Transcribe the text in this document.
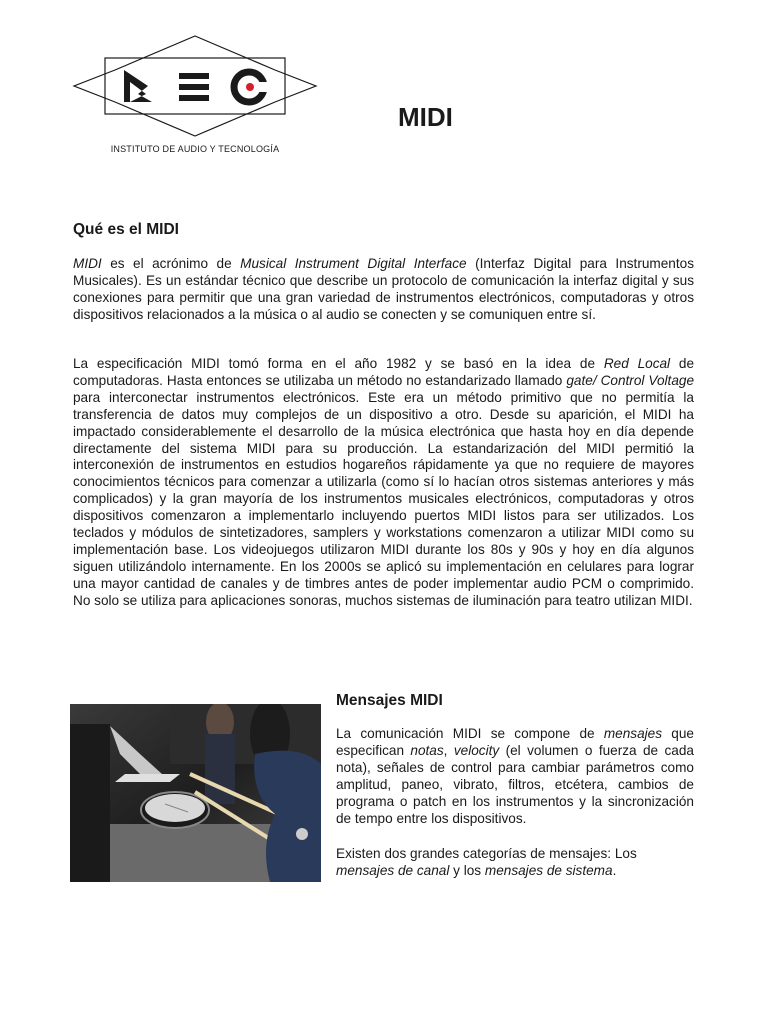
INSTITUTO DE AUDIO Y TECNOLOGÍA
MIDI
Qué es el MIDI

MIDI es el acrónimo de Musical Instrument Digital Interface (Interfaz Digital para Instrumentos Musicales). Es un estándar técnico que describe un protocolo de comunicación la interfaz digital y sus conexiones para permitir que una gran variedad de instrumentos electrónicos, computadoras y otros dispositivos relacionados a la música o al audio se conecten y se comuniquen entre sí.

La especificación MIDI tomó forma en el año 1982 y se basó en la idea de Red Local de computadoras. Hasta entonces se utilizaba un método no estandarizado llamado gate/ Control Voltage para interconectar instrumentos electrónicos. Este era un método primitivo que no permitía la transferencia de datos muy complejos de un dispositivo a otro. Desde su aparición, el MIDI ha impactado considerablemente el desarrollo de la música electrónica que hasta hoy en día depende directamente del sistema MIDI para su producción. La estandarización del MIDI permitió la interconexión de instrumentos en estudios hogareños rápidamente ya que no requiere de mayores conocimientos técnicos para comenzar a utilizarla (como sí lo hacían otros sistemas anteriores y más complicados) y la gran mayoría de los instrumentos musicales electrónicos, computadoras y otros dispositivos comenzaron a implementarlo incluyendo puertos MIDI listos para ser utilizados. Los teclados y módulos de sintetizadores, samplers y workstations comenzaron a utilizar MIDI como su implementación base. Los videojuegos utilizaron MIDI durante los 80s y 90s y hoy en día algunos siguen utilizándolo internamente. En los 2000s se aplicó su implementación en celulares para lograr una mayor cantidad de canales y de timbres antes de poder implementar audio PCM o comprimido. No solo se utiliza para aplicaciones sonoras, muchos sistemas de iluminación para teatro utilizan MIDI.

Mensajes MIDI

La comunicación MIDI se compone de mensajes que especifican notas, velocity (el volumen o fuerza de cada nota), señales de control para cambiar parámetros como amplitud, paneo, vibrato, filtros, etcétera, cambios de programa o patch en los instrumentos y la sincronización de tempo entre los dispositivos.

Existen dos grandes categorías de mensajes: Los mensajes de canal y los mensajes de sistema.
